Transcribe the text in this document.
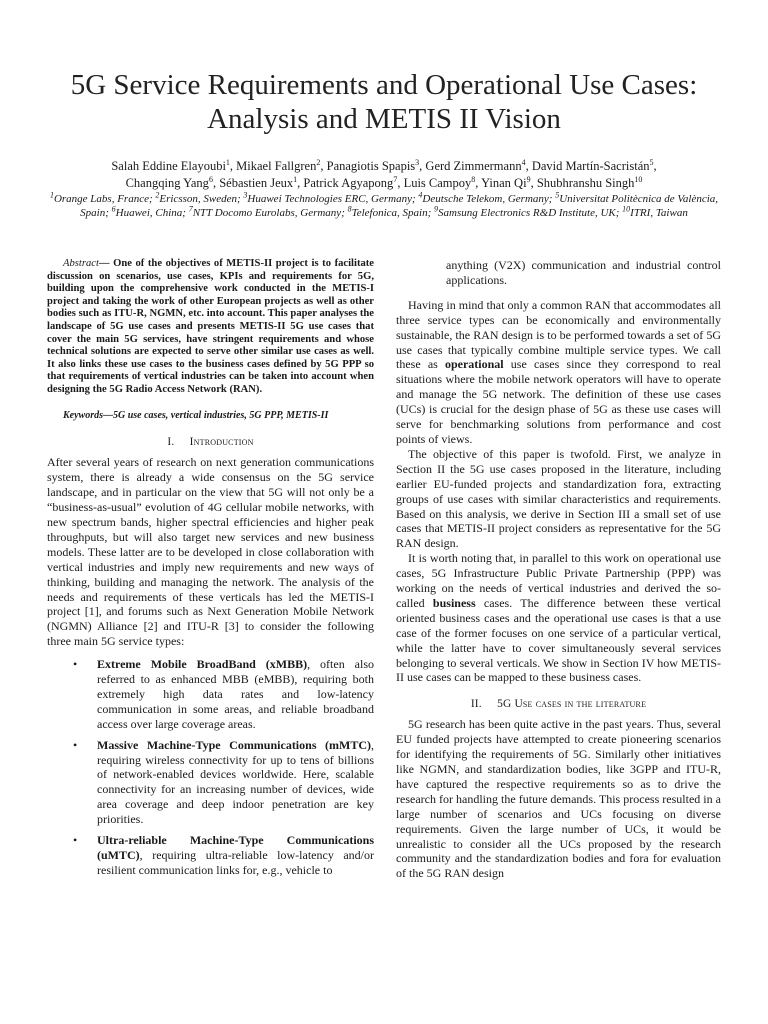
5G Service Requirements and Operational Use Cases:
Analysis and METIS II Vision
Salah Eddine Elayoubi$^1$, Mikael Fallgren$^2$, Panagiotis Spapis$^3$, Gerd Zimmermann$^4$, David Martín-Sacristán$^5$,
Changqing Yang$^6$, Sébastien Jeux$^1$, Patrick Agyapong$^7$, Luis Campoy$^8$, Yinan Qi$^9$, Shubhranshu Singh$^{10}$
$^1$Orange Labs, France; $^2$Ericsson, Sweden; $^3$Huawei Technologies ERC, Germany; $^4$Deutsche Telekom, Germany; $^5$Universitat Politècnica de València, Spain; $^6$Huawei, China; $^7$NTT Docomo Eurolabs, Germany; $^8$Telefonica, Spain; $^9$Samsung Electronics R&D Institute, UK; $^{10}$ITRI, Taiwan

Abstract— One of the objectives of METIS-II project is to facilitate discussion on scenarios, use cases, KPIs and requirements for 5G, building upon the comprehensive work conducted in the METIS-I project and taking the work of other European projects as well as other bodies such as ITU-R, NGMN, etc. into account. This paper analyses the landscape of 5G use cases and presents METIS-II 5G use cases that cover the main 5G services, have stringent requirements and whose technical solutions are expected to serve other similar use cases as well. It also links these use cases to the business cases defined by 5G PPP so that requirements of vertical industries can be taken into account when designing the 5G Radio Access Network (RAN).

Keywords—5G use cases, vertical industries, 5G PPP, METIS-II

I. Introduction

After several years of research on next generation communications system, there is already a wide consensus on the 5G service landscape, and in particular on the view that 5G will not only be a “business-as-usual” evolution of 4G cellular mobile networks, with new spectrum bands, higher spectral efficiencies and higher peak throughputs, but will also target new services and new business models. These latter are to be developed in close collaboration with vertical industries and imply new requirements and new ways of thinking, building and managing the network. The analysis of the needs and requirements of these verticals has led the METIS-I project [1], and forums such as Next Generation Mobile Network (NGMN) Alliance [2] and ITU-R [3] to consider the following three main 5G service types:

• Extreme Mobile BroadBand (xMBB), often also referred to as enhanced MBB (eMBB), requiring both extremely high data rates and low-latency communication in some areas, and reliable broadband access over large coverage areas.
• Massive Machine-Type Communications (mMTC), requiring wireless connectivity for up to tens of billions of network-enabled devices worldwide. Here, scalable connectivity for an increasing number of devices, wide area coverage and deep indoor penetration are key priorities.
• Ultra-reliable Machine-Type Communications (uMTC), requiring ultra-reliable low-latency and/or resilient communication links for, e.g., vehicle to

anything (V2X) communication and industrial control applications.

Having in mind that only a common RAN that accommodates all three service types can be economically and environmentally sustainable, the RAN design is to be performed towards a set of 5G use cases that typically combine multiple service types. We call these as operational use cases since they correspond to real situations where the mobile network operators will have to operate and manage the 5G network. The definition of these use cases (UCs) is crucial for the design phase of 5G as these use cases will serve for benchmarking solutions from performance and cost points of views.

The objective of this paper is twofold. First, we analyze in Section II the 5G use cases proposed in the literature, including earlier EU-funded projects and standardization fora, extracting groups of use cases with similar characteristics and requirements. Based on this analysis, we derive in Section III a small set of use cases that METIS-II project considers as representative for the 5G RAN design.

It is worth noting that, in parallel to this work on operational use cases, 5G Infrastructure Public Private Partnership (PPP) was working on the needs of vertical industries and derived the so-called business cases. The difference between these vertical oriented business cases and the operational use cases is that a use case of the former focuses on one service of a particular vertical, while the latter have to cover simultaneously several services belonging to several verticals. We show in Section IV how METIS-II use cases can be mapped to these business cases.

II. 5G Use cases in the literature

5G research has been quite active in the past years. Thus, several EU funded projects have attempted to create pioneering scenarios for identifying the requirements of 5G. Similarly other initiatives like NGMN, and standardization bodies, like 3GPP and ITU-R, have captured the respective requirements so as to drive the research for handling the future demands. This process resulted in a large number of scenarios and UCs focusing on diverse requirements. Given the large number of UCs, it would be unrealistic to consider all the UCs proposed by the research community and the standardization bodies and fora for evaluation of the 5G RAN design
